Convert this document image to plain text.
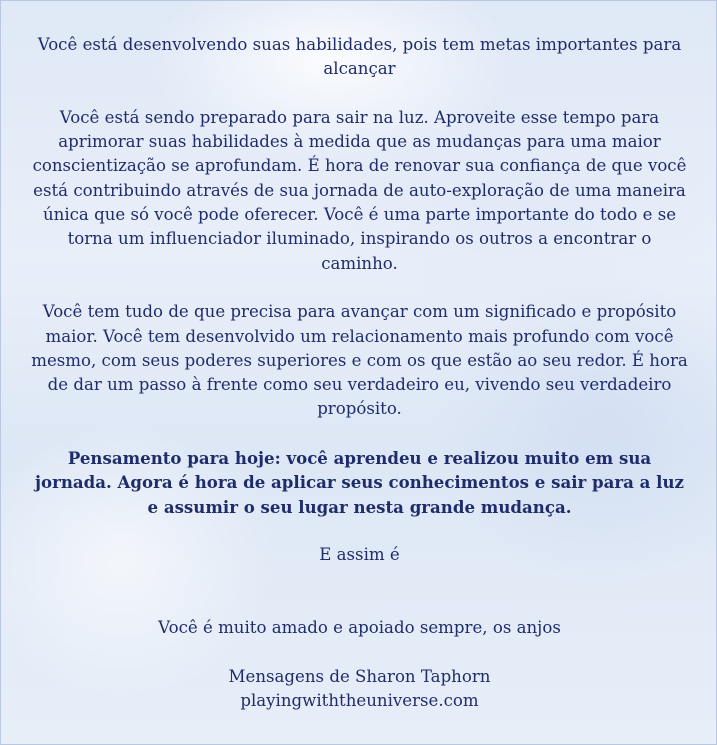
Você está desenvolvendo suas habilidades, pois tem metas importantes para alcançar

Você está sendo preparado para sair na luz. Aproveite esse tempo para aprimorar suas habilidades à medida que as mudanças para uma maior conscientização se aprofundam. É hora de renovar sua confiança de que você está contribuindo através de sua jornada de auto-exploração de uma maneira única que só você pode oferecer. Você é uma parte importante do todo e se torna um influenciador iluminado, inspirando os outros a encontrar o caminho.

Você tem tudo de que precisa para avançar com um significado e propósito maior. Você tem desenvolvido um relacionamento mais profundo com você mesmo, com seus poderes superiores e com os que estão ao seu redor. É hora de dar um passo à frente como seu verdadeiro eu, vivendo seu verdadeiro propósito.

Pensamento para hoje: você aprendeu e realizou muito em sua jornada. Agora é hora de aplicar seus conhecimentos e sair para a luz e assumir o seu lugar nesta grande mudança.

E assim é

Você é muito amado e apoiado sempre, os anjos

Mensagens de Sharon Taphorn

playingwiththeuniverse.com
